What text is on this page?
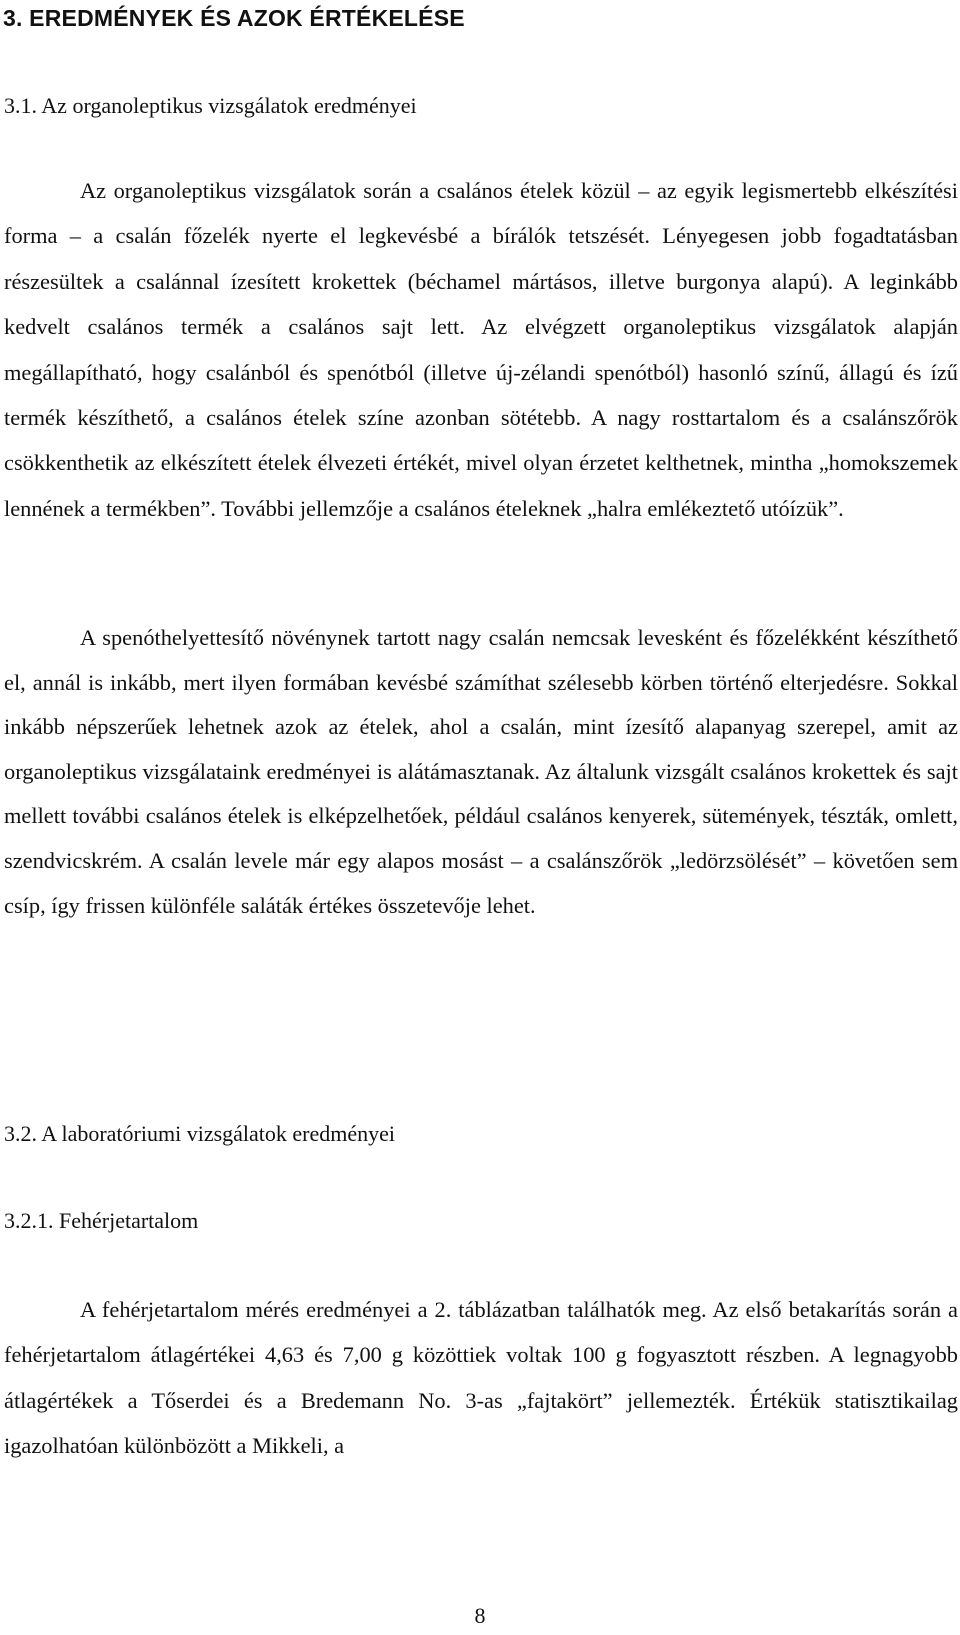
3. EREDMÉNYEK ÉS AZOK ÉRTÉKELÉSE
3.1. Az organoleptikus vizsgálatok eredményei

Az organoleptikus vizsgálatok során a csalános ételek közül – az egyik legismertebb elkészítési forma – a csalán főzelék nyerte el legkevésbé a bírálók tetszését. Lényegesen jobb fogadtatásban részesültek a csalánnal ízesített krokettek (béchamel mártásos, illetve burgonya alapú). A leginkább kedvelt csalános termék a csalános sajt lett. Az elvégzett organoleptikus vizsgálatok alapján megállapítható, hogy csalánból és spenótból (illetve új-zélandi spenótból) hasonló színű, állagú és ízű termék készíthető, a csalános ételek színe azonban sötétebb. A nagy rosttartalom és a csalánszőrök csökkenthetik az elkészített ételek élvezeti értékét, mivel olyan érzetet kelthetnek, mintha „homokszemek lennének a termékben”. További jellemzője a csalános ételeknek „halra emlékeztető utóízük”.

A spenóthelyettesítő növénynek tartott nagy csalán nemcsak levesként és főzelékként készíthető el, annál is inkább, mert ilyen formában kevésbé számíthat szélesebb körben történő elterjedésre. Sokkal inkább népszerűek lehetnek azok az ételek, ahol a csalán, mint ízesítő alapanyag szerepel, amit az organoleptikus vizsgálataink eredményei is alátámasztanak. Az általunk vizsgált csalános krokettek és sajt mellett további csalános ételek is elképzelhetőek, például csalános kenyerek, sütemények, tészták, omlett, szendvicskrém. A csalán levele már egy alapos mosást – a csalánszőrök „ledörzsölését” – követően sem csíp, így frissen különféle saláták értékes összetevője lehet.

3.2. A laboratóriumi vizsgálatok eredményei
3.2.1. Fehérjetartalom

A fehérjetartalom mérés eredményei a 2. táblázatban találhatók meg. Az első betakarítás során a fehérjetartalom átlagértékei 4,63 és 7,00 g közöttiek voltak 100 g fogyasztott részben. A legnagyobb átlagértékek a Tőserdei és a Bredemann No. 3-as „fajtakört” jellemezték. Értékük statisztikailag igazolhatóan különbözött a Mikkeli, a

8
